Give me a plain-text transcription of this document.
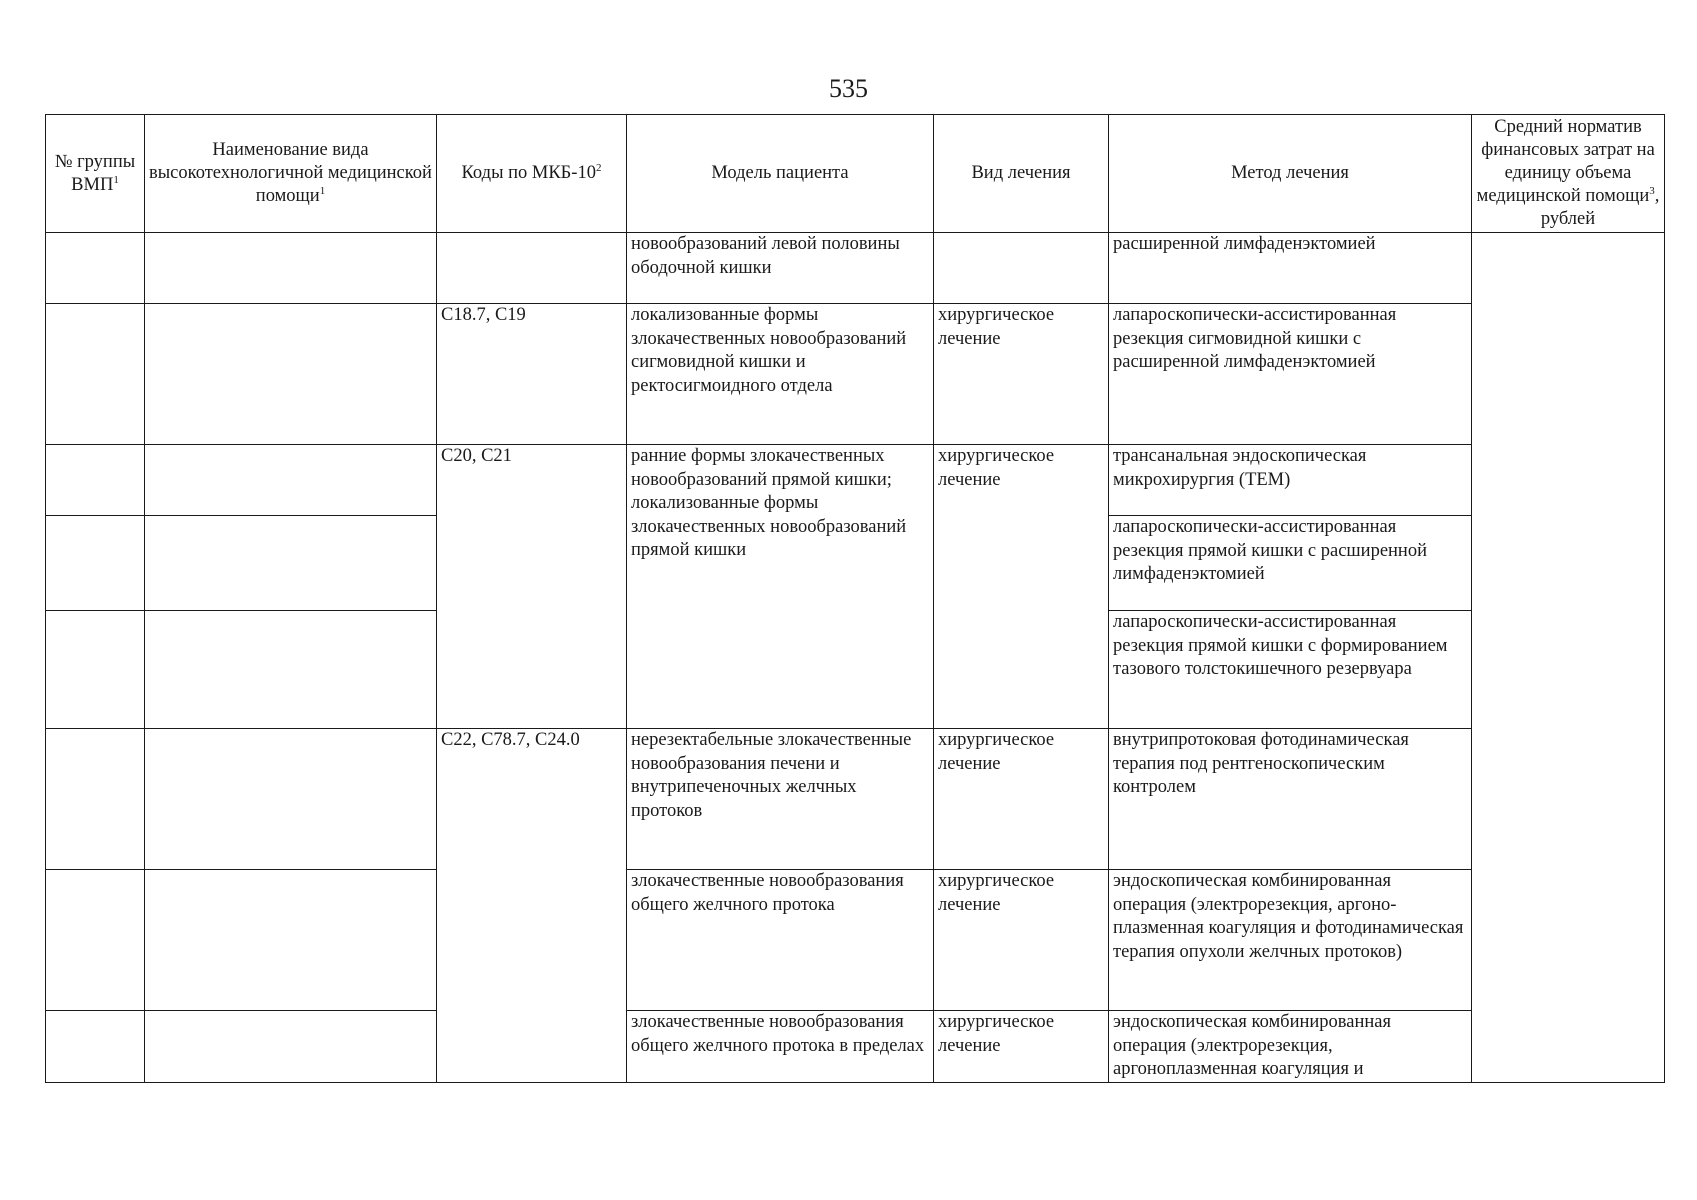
535
№ группы ВМП$^1$	Наименование вида высокотехнологичной медицинской помощи$^1$	Коды по МКБ-$10^2$	Модель пациента	Вид лечения	Метод лечения	Средний норматив финансовых затрат на единицу объема медицинской помощи$^3$, рублей
			новообразований левой половины ободочной кишки		расширенной лимфаденэктомией	
		C18.7, C19	локализованные формы злокачественных новообразований сигмовидной кишки и ректосигмоидного отдела	хирургическое лечение	лапароскопически-ассистированная резекция сигмовидной кишки с расширенной лимфаденэктомией	
		C20, C21	ранние формы злокачественных новообразований прямой кишки; локализованные формы злокачественных новообразований прямой кишки	хирургическое лечение	трансанальная эндоскопическая микрохирургия (TEM)	
					лапароскопически-ассистированная резекция прямой кишки с расширенной лимфаденэктомией	
					лапароскопически-ассистированная резекция прямой кишки с формированием тазового толстокишечного резервуара	
		C22, C78.7, C24.0	нерезектабельные злокачественные новообразования печени и внутрипеченочных желчных протоков	хирургическое лечение	внутрипротоковая фотодинамическая терапия под рентгеноскопическим контролем	
			злокачественные новообразования общего желчного протока	хирургическое лечение	эндоскопическая комбинированная операция (электрорезекция, аргоно-плазменная коагуляция и фотодинамическая терапия опухоли желчных протоков)	
			злокачественные новообразования общего желчного протока в пределах	хирургическое лечение	эндоскопическая комбинированная операция (электрорезекция, аргоноплазменная коагуляция и	
